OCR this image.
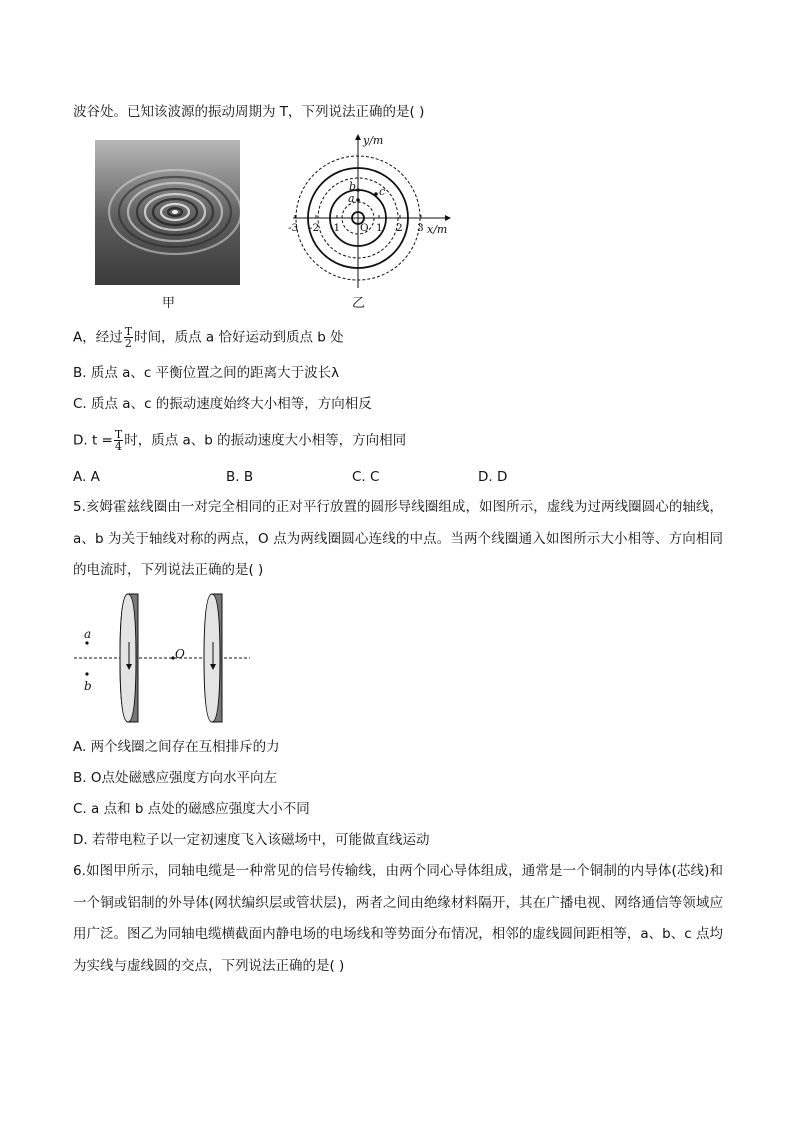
波谷处。已知该波源的振动周期为 T，下列说法正确的是( )
甲
y/m
x/m
b
a
c
-3 -2 -1 O 1 2 3
乙
A，经过 $\frac{T}{2}$ 时间，质点 a 恰好运动到质点 b 处
B. 质点 a、c 平衡位置之间的距离大于波长λ
C. 质点 a、c 的振动速度始终大小相等，方向相反
D. $t = \frac{T}{4}$ 时，质点 a、b 的振动速度大小相等，方向相同
A. A	B. B	C. C	D. D
5.亥姆霍兹线圈由一对完全相同的正对平行放置的圆形导线圈组成，如图所示，虚线为过两线圈圆心的轴线，a、b 为关于轴线对称的两点，O 点为两线圈圆心连线的中点。当两个线圈通入如图所示大小相等、方向相同的电流时，下列说法正确的是( )
a
b
O
A. 两个线圈之间存在互相排斥的力
B. O点处磁感应强度方向水平向左
C. a 点和 b 点处的磁感应强度大小不同
D. 若带电粒子以一定初速度飞入该磁场中，可能做直线运动
6.如图甲所示，同轴电缆是一种常见的信号传输线，由两个同心导体组成，通常是一个铜制的内导体(芯线)和一个铜或铝制的外导体(网状编织层或管状层)，两者之间由绝缘材料隔开，其在广播电视、网络通信等领域应用广泛。图乙为同轴电缆横截面内静电场的电场线和等势面分布情况，相邻的虚线圆间距相等，a、b、c 点均为实线与虚线圆的交点，下列说法正确的是( )
